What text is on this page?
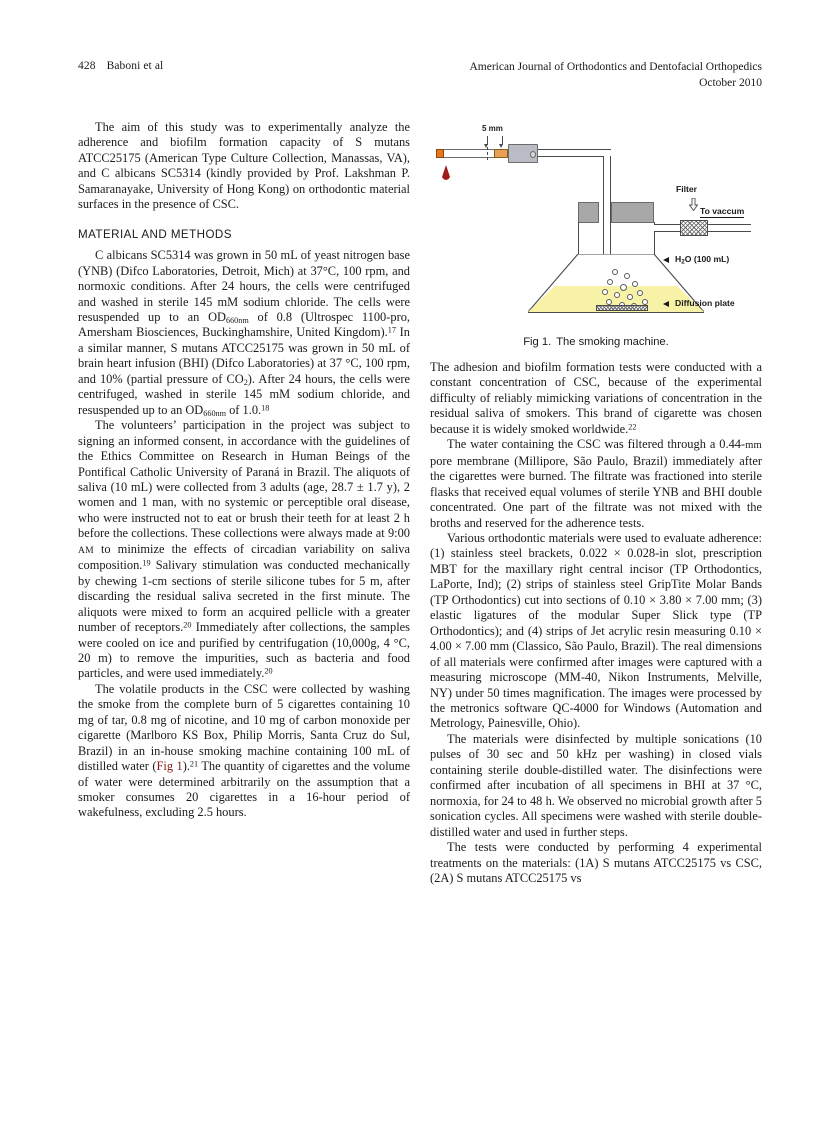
428 Baboni et al	American Journal of Orthodontics and Dentofacial Orthopedics
October 2010

The aim of this study was to experimentally analyze the adherence and biofilm formation capacity of S mutans ATCC25175 (American Type Culture Collection, Manassas, VA), and C albicans SC5314 (kindly provided by Prof. Lakshman P. Samaranayake, University of Hong Kong) on orthodontic material surfaces in the presence of CSC.

MATERIAL AND METHODS

C albicans SC5314 was grown in 50 mL of yeast nitrogen base (YNB) (Difco Laboratories, Detroit, Mich) at 37°C, 100 rpm, and normoxic conditions. After 24 hours, the cells were centrifuged and washed in sterile 145 mM sodium chloride. The cells were resuspended up to an $OD_{660nm}$ of 0.8 (Ultrospec 1100-pro, Amersham Biosciences, Buckinghamshire, United Kingdom).$^{17}$ In a similar manner, S mutans ATCC25175 was grown in 50 mL of brain heart infusion (BHI) (Difco Laboratories) at 37 °C, 100 rpm, and 10% (partial pressure of $CO_2$). After 24 hours, the cells were centrifuged, washed in sterile 145 mM sodium chloride, and resuspended up to an $OD_{660nm}$ of 1.0.18

The volunteers’ participation in the project was subject to signing an informed consent, in accordance with the guidelines of the Ethics Committee on Research in Human Beings of the Pontifical Catholic University of Paraná in Brazil. The aliquots of saliva (10 mL) were collected from 3 adults (age, 28.7 ± 1.7 y), 2 women and 1 man, with no systemic or perceptible oral disease, who were instructed not to eat or brush their teeth for at least 2 h before the collections. These collections were always made at 9:00 AM to minimize the effects of circadian variability on saliva composition.$^{19}$ Salivary stimulation was conducted mechanically by chewing 1-cm sections of sterile silicone tubes for 5 m, after discarding the residual saliva secreted in the first minute. The aliquots were mixed to form an acquired pellicle with a greater number of receptors.$^{20}$ Immediately after collections, the samples were cooled on ice and purified by centrifugation (10,000g, 4 °C, 20 m) to remove the impurities, such as bacteria and food particles, and were used immediately.$^{20}$

The volatile products in the CSC were collected by washing the smoke from the complete burn of 5 cigarettes containing 10 mg of tar, 0.8 mg of nicotine, and 10 mg of carbon monoxide per cigarette (Marlboro KS Box, Philip Morris, Santa Cruz do Sul, Brazil) in an in-house smoking machine containing 100 mL of distilled water (Fig 1).$^{21}$ The quantity of cigarettes and the volume of water were determined arbitrarily on the assumption that a smoker consumes 20 cigarettes in a 16-hour period of wakefulness, excluding 2.5 hours.

5 mm
Filter
To vaccum
$H_2O$ (100 mL)
Diffusion plate
Fig 1. The smoking machine.

The adhesion and biofilm formation tests were conducted with a constant concentration of CSC, because of the experimental difficulty of reliably mimicking variations of concentration in the residual saliva of smokers. This brand of cigarette was chosen because it is widely smoked worldwide.$^{22}$

The water containing the CSC was filtered through a 0.44-mm pore membrane (Millipore, São Paulo, Brazil) immediately after the cigarettes were burned. The filtrate was fractioned into sterile flasks that received equal volumes of sterile YNB and BHI double concentrated. One part of the filtrate was not mixed with the broths and reserved for the adherence tests.

Various orthodontic materials were used to evaluate adherence: (1) stainless steel brackets, 0.022 × 0.028-in slot, prescription MBT for the maxillary right central incisor (TP Orthodontics, LaPorte, Ind); (2) strips of stainless steel GripTite Molar Bands (TP Orthodontics) cut into sections of 0.10 × 3.80 × 7.00 mm; (3) elastic ligatures of the modular Super Slick type (TP Orthodontics); and (4) strips of Jet acrylic resin measuring 0.10 × 4.00 × 7.00 mm (Classico, São Paulo, Brazil). The real dimensions of all materials were confirmed after images were captured with a measuring microscope (MM-40, Nikon Instruments, Melville, NY) under 50 times magnification. The images were processed by the metronics software QC-4000 for Windows (Automation and Metrology, Painesville, Ohio).

The materials were disinfected by multiple sonications (10 pulses of 30 sec and 50 kHz per washing) in closed vials containing sterile double-distilled water. The disinfections were confirmed after incubation of all specimens in BHI at 37 °C, normoxia, for 24 to 48 h. We observed no microbial growth after 5 sonication cycles. All specimens were washed with sterile double-distilled water and used in further steps.

The tests were conducted by performing 4 experimental treatments on the materials: (1A) S mutans ATCC25175 vs CSC, (2A) S mutans ATCC25175 vs
